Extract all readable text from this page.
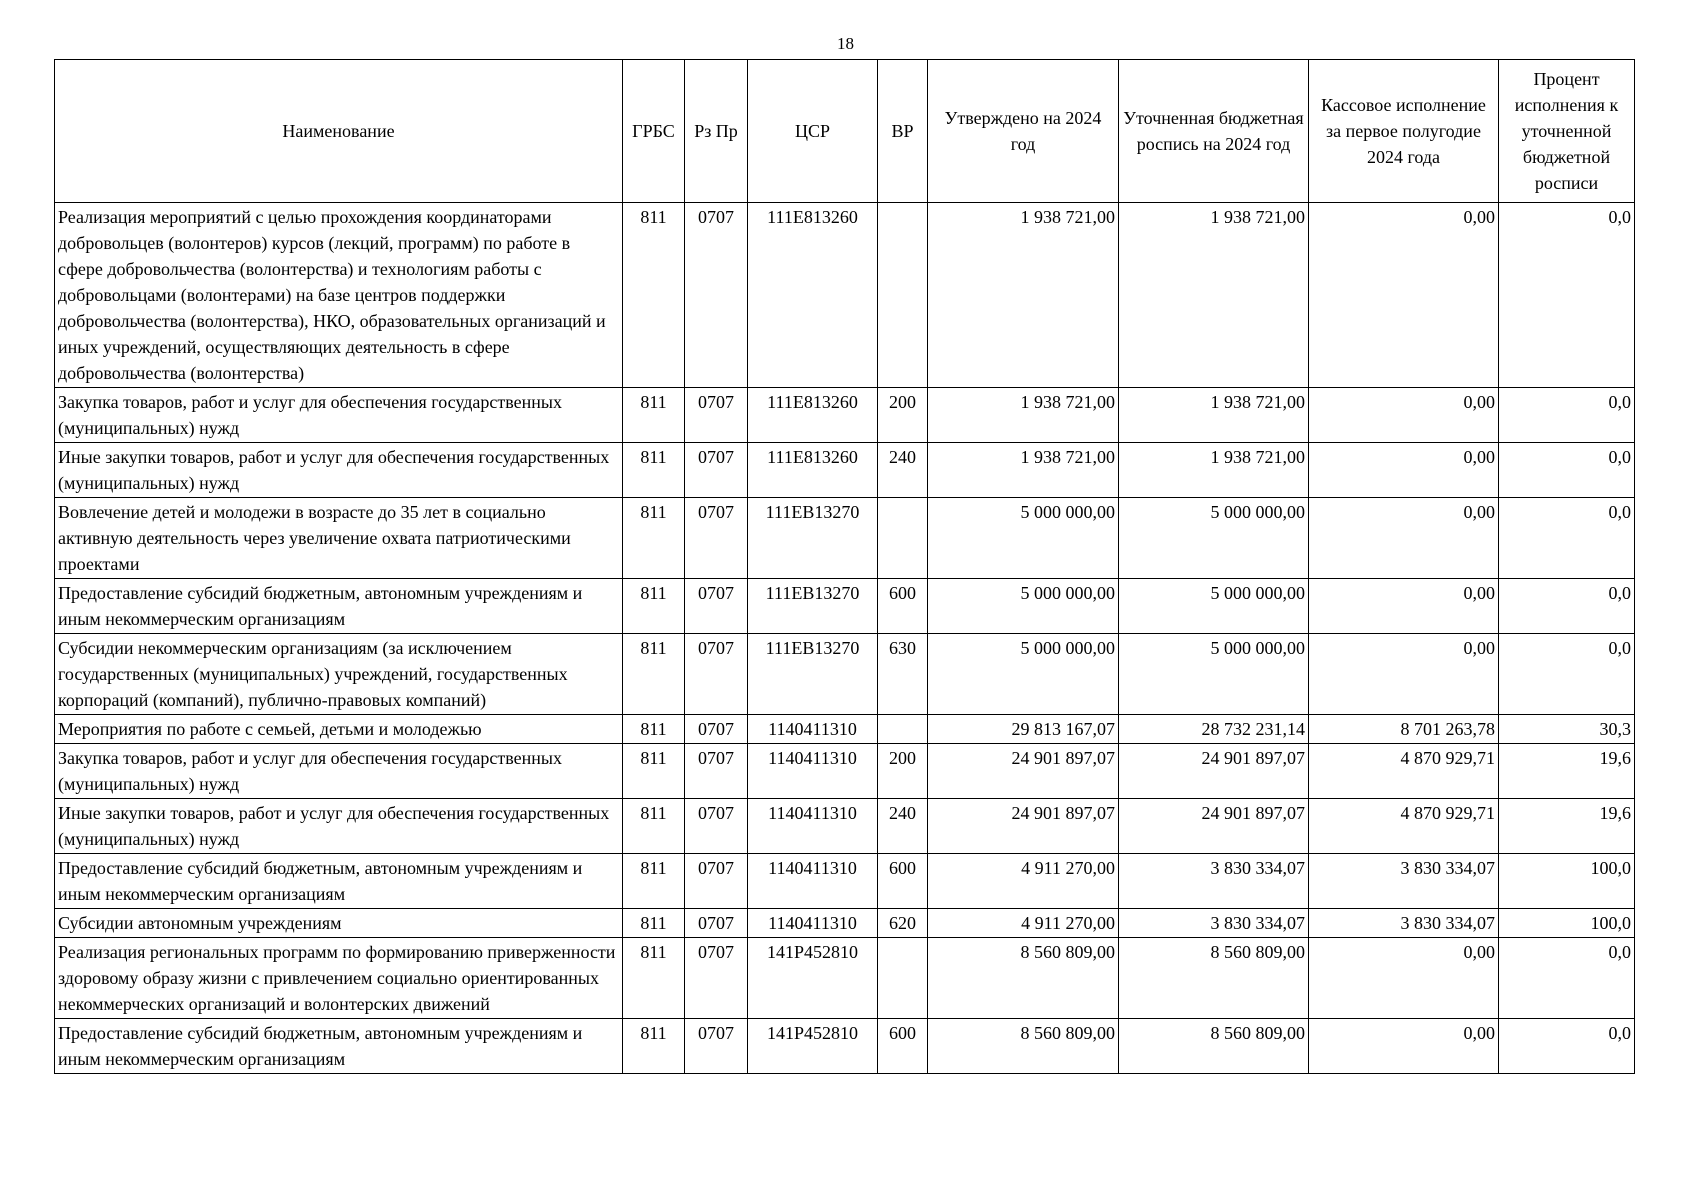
18
Наименование	ГРБС	Рз Пр	ЦСР	ВР	Утверждено на 2024 год	Уточненная бюджетная роспись на 2024 год	Кассовое исполнение за первое полугодие 2024 года	Процент исполнения к уточненной бюджетной росписи
Реализация мероприятий с целью прохождения координаторами добровольцев (волонтеров) курсов (лекций, программ) по работе в сфере добровольчества (волонтерства) и технологиям работы с добровольцами (волонтерами) на базе центров поддержки добровольчества (волонтерства), НКО, образовательных организаций и иных учреждений, осуществляющих деятельность в сфере добровольчества (волонтерства)	811	0707	111E813260		1 938 721,00	1 938 721,00	0,00	0,0
Закупка товаров, работ и услуг для обеспечения государственных (муниципальных) нужд	811	0707	111E813260	200	1 938 721,00	1 938 721,00	0,00	0,0
Иные закупки товаров, работ и услуг для обеспечения государственных (муниципальных) нужд	811	0707	111E813260	240	1 938 721,00	1 938 721,00	0,00	0,0
Вовлечение детей и молодежи в возрасте до 35 лет в социально активную деятельность через увеличение охвата патриотическими проектами	811	0707	111EB13270		5 000 000,00	5 000 000,00	0,00	0,0
Предоставление субсидий бюджетным, автономным учреждениям и иным некоммерческим организациям	811	0707	111EB13270	600	5 000 000,00	5 000 000,00	0,00	0,0
Субсидии некоммерческим организациям (за исключением государственных (муниципальных) учреждений, государственных корпораций (компаний), публично-правовых компаний)	811	0707	111EB13270	630	5 000 000,00	5 000 000,00	0,00	0,0
Мероприятия по работе с семьей, детьми и молодежью	811	0707	1140411310		29 813 167,07	28 732 231,14	8 701 263,78	30,3
Закупка товаров, работ и услуг для обеспечения государственных (муниципальных) нужд	811	0707	1140411310	200	24 901 897,07	24 901 897,07	4 870 929,71	19,6
Иные закупки товаров, работ и услуг для обеспечения государственных (муниципальных) нужд	811	0707	1140411310	240	24 901 897,07	24 901 897,07	4 870 929,71	19,6
Предоставление субсидий бюджетным, автономным учреждениям и иным некоммерческим организациям	811	0707	1140411310	600	4 911 270,00	3 830 334,07	3 830 334,07	100,0
Субсидии автономным учреждениям	811	0707	1140411310	620	4 911 270,00	3 830 334,07	3 830 334,07	100,0
Реализация региональных программ по формированию приверженности здоровому образу жизни с привлечением социально ориентированных некоммерческих организаций и волонтерских движений	811	0707	141P452810		8 560 809,00	8 560 809,00	0,00	0,0
Предоставление субсидий бюджетным, автономным учреждениям и иным некоммерческим организациям	811	0707	141P452810	600	8 560 809,00	8 560 809,00	0,00	0,0
